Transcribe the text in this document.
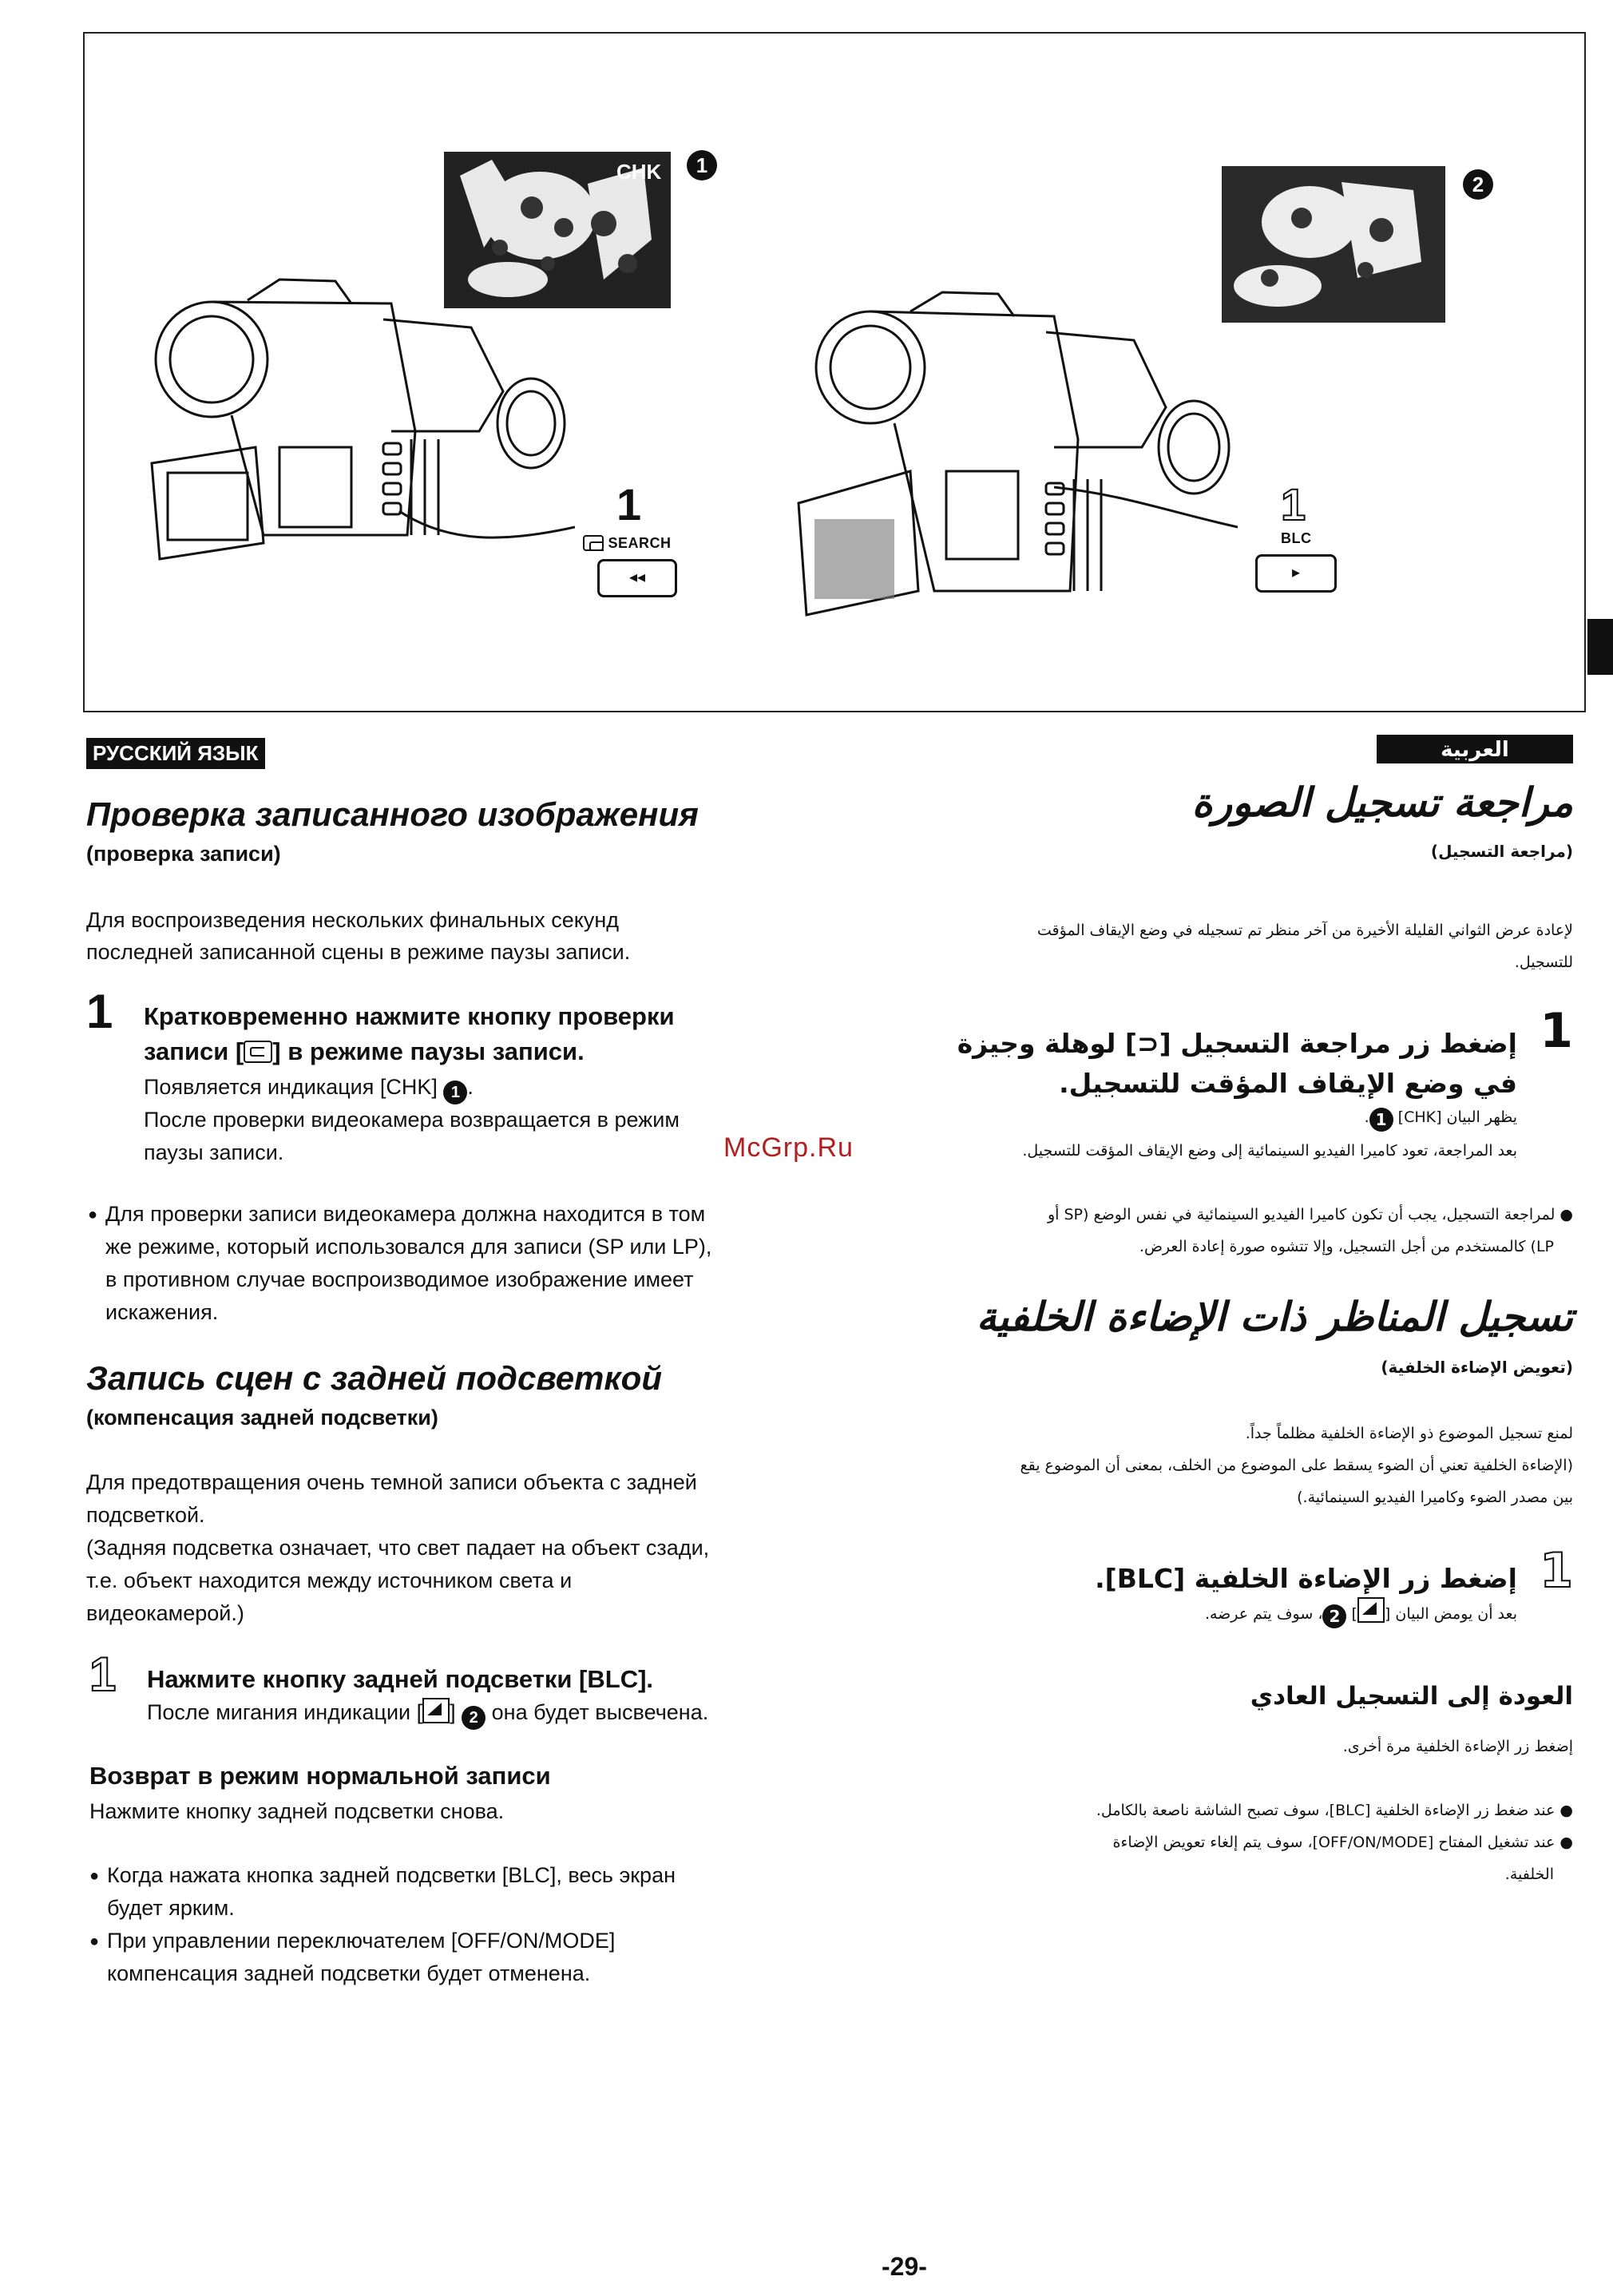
CHK	1
2
1
SEARCH
◂◂
1
BLC
▸
РУССКИЙ ЯЗЫК	العربية
Проверка записанного изображения
(проверка записи)
Для воспроизведения нескольких финальных секунд
последней записанной сцены в режиме паузы записи.
1 Кратковременно нажмите кнопку проверки
записи [ ] в режиме паузы записи.
Появляется индикация [CHK] 1 .
После проверки видеокамера возвращается в режим
паузы записи.
● Для проверки записи видеокамера должна находится в том
же режиме, который использовался для записи (SP или LP),
в противном случае воспроизводимое изображение имеет
искажения.
Запись сцен с задней подсветкой
(компенсация задней подсветки)
Для предотвращения очень темной записи объекта с задней
подсветкой.
(Задняя подсветка означает, что свет падает на объект сзади,
т.е. объект находится между источником света и
видеокамерой.)
1 Нажмите кнопку задней подсветки [BLC].
После мигания индикации [ ] 2 она будет высвечена.
Возврат в режим нормальной записи
Нажмите кнопку задней подсветки снова.
● Когда нажата кнопка задней подсветки [BLC], весь экран
будет ярким.
● При управлении переключателем [OFF/ON/MODE]
компенсация задней подсветки будет отменена.
مراجعة تسجيل الصورة
(مراجعة التسجيل)
لإعادة عرض الثواني القليلة الأخيرة من آخر منظر تم تسجيله في وضع الإيقاف المؤقت
للتسجيل.
1
إضغط زر مراجعة التسجيل [⊂] لوهلة وجيزة
في وضع الإيقاف المؤقت للتسجيل.
يظهر البيان [CHK] 1.
بعد المراجعة، تعود كاميرا الفيديو السينمائية إلى وضع الإيقاف المؤقت للتسجيل.
● لمراجعة التسجيل، يجب أن تكون كاميرا الفيديو السينمائية في نفس الوضع (SP أو
LP) كالمستخدم من أجل التسجيل، وإلا تتشوه صورة إعادة العرض.
تسجيل المناظر ذات الإضاءة الخلفية
(تعويض الإضاءة الخلفية)
لمنع تسجيل الموضوع ذو الإضاءة الخلفية مظلماً جداً.
(الإضاءة الخلفية تعني أن الضوء يسقط على الموضوع من الخلف، بمعنى أن الموضوع يقع
بين مصدر الضوء وكاميرا الفيديو السينمائية.)
1
إضغط زر الإضاءة الخلفية [BLC].
بعد أن يومض البيان [] 2، سوف يتم عرضه.
العودة إلى التسجيل العادي
إضغط زر الإضاءة الخلفية مرة أخرى.
● عند ضغط زر الإضاءة الخلفية [BLC]، سوف تصبح الشاشة ناصعة بالكامل.
● عند تشغيل المفتاح [OFF/ON/MODE]، سوف يتم إلغاء تعويض الإضاءة
الخلفية.
McGrp.Ru
-29-
